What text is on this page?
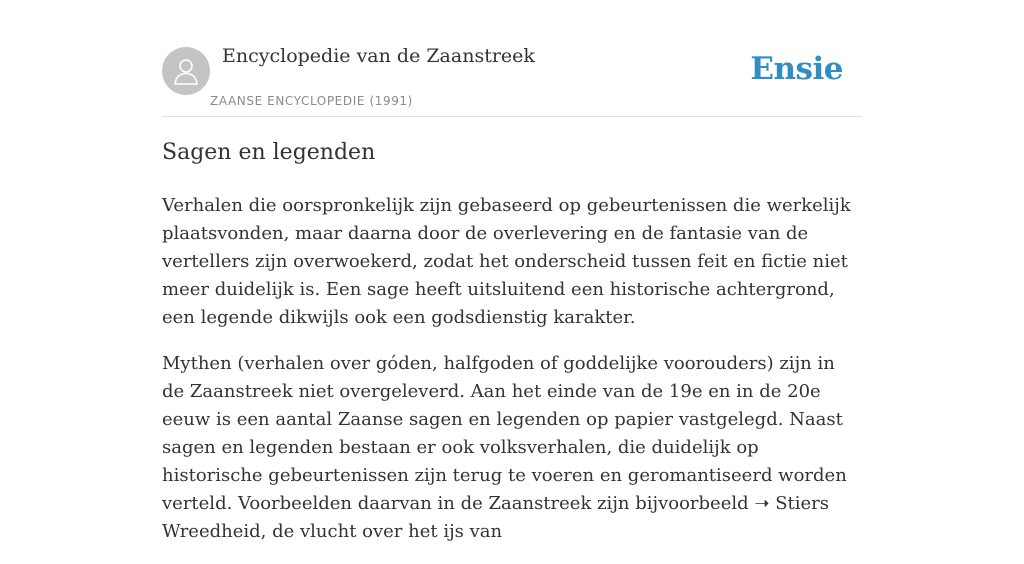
Encyclopedie van de Zaanstreek
ZAANSE ENCYCLOPEDIE (1991)
Ensie
Sagen en legenden

Verhalen die oorspronkelijk zijn gebaseerd op gebeurtenissen die werkelijk plaatsvonden, maar daarna door de overlevering en de fantasie van de vertellers zijn overwoekerd, zodat het onderscheid tussen feit en fictie niet meer duidelijk is. Een sage heeft uitsluitend een historische achtergrond, een legende dikwijls ook een godsdienstig karakter.

Mythen (verhalen over góden, halfgoden of goddelijke voorouders) zijn in de Zaanstreek niet overgeleverd. Aan het einde van de 19e en in de 20e eeuw is een aantal Zaanse sagen en legenden op papier vastgelegd. Naast sagen en legenden bestaan er ook volksverhalen, die duidelijk op historische gebeurtenissen zijn terug te voeren en geromantiseerd worden verteld. Voorbeelden daarvan in de Zaanstreek zijn bijvoorbeeld ➝ Stiers Wreedheid, de vlucht over het ijs van
